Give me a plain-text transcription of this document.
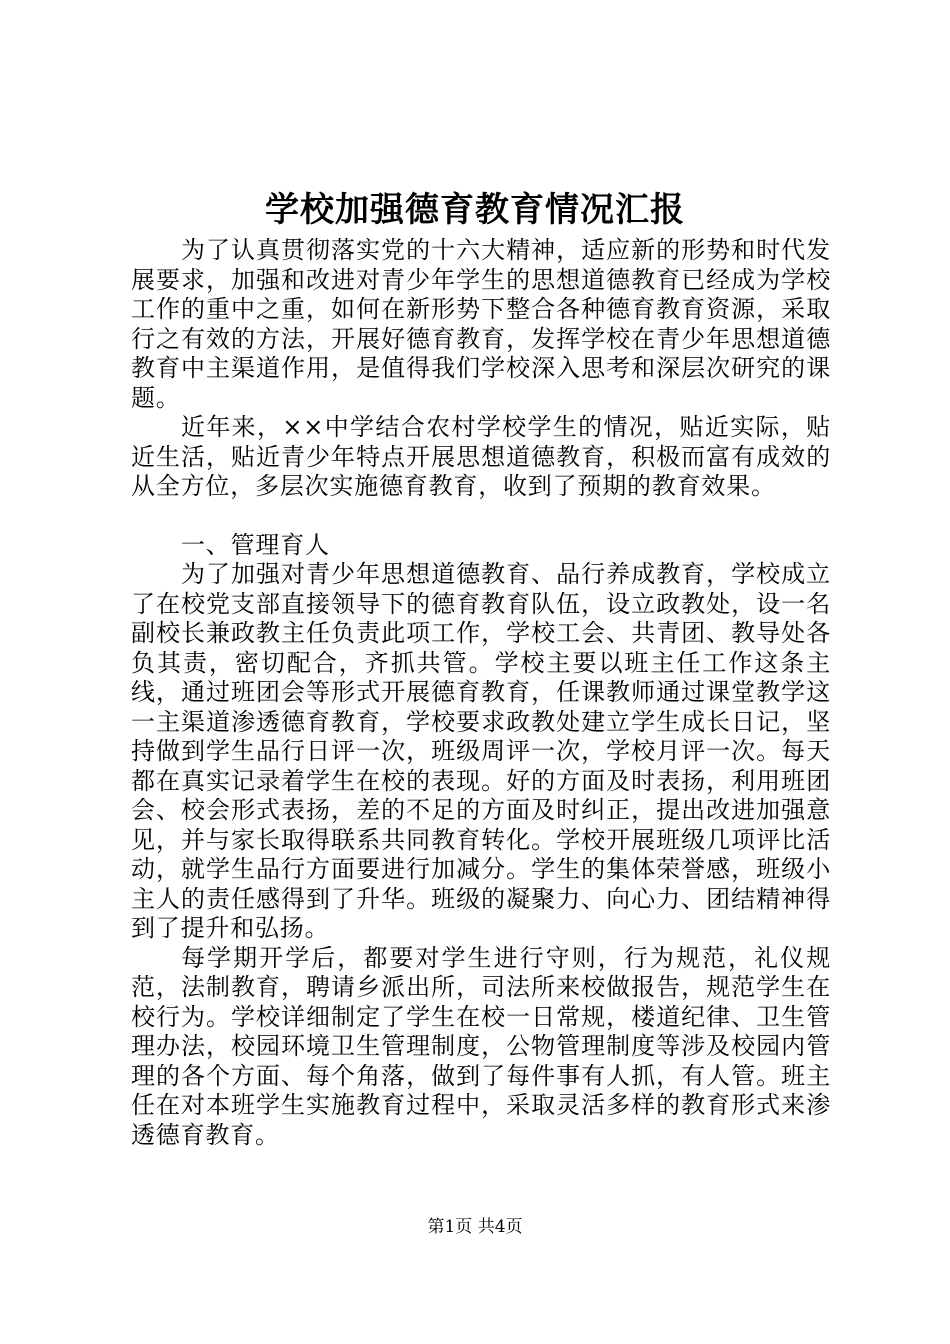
学校加强德育教育情况汇报

为了认真贯彻落实党的十六大精神，适应新的形势和时代发展要求，加强和改进对青少年学生的思想道德教育已经成为学校工作的重中之重，如何在新形势下整合各种德育教育资源，采取行之有效的方法，开展好德育教育，发挥学校在青少年思想道德教育中主渠道作用，是值得我们学校深入思考和深层次研究的课题。

近年来，××中学结合农村学校学生的情况，贴近实际，贴近生活，贴近青少年特点开展思想道德教育，积极而富有成效的从全方位，多层次实施德育教育，收到了预期的教育效果。

一、管理育人

为了加强对青少年思想道德教育、品行养成教育，学校成立了在校党支部直接领导下的德育教育队伍，设立政教处，设一名副校长兼政教主任负责此项工作，学校工会、共青团、教导处各负其责，密切配合，齐抓共管。学校主要以班主任工作这条主线，通过班团会等形式开展德育教育，任课教师通过课堂教学这一主渠道渗透德育教育，学校要求政教处建立学生成长日记，坚持做到学生品行日评一次，班级周评一次，学校月评一次。每天都在真实记录着学生在校的表现。好的方面及时表扬，利用班团会、校会形式表扬，差的不足的方面及时纠正，提出改进加强意见，并与家长取得联系共同教育转化。学校开展班级几项评比活动，就学生品行方面要进行加减分。学生的集体荣誉感，班级小主人的责任感得到了升华。班级的凝聚力、向心力、团结精神得到了提升和弘扬。

每学期开学后，都要对学生进行守则，行为规范，礼仪规范，法制教育，聘请乡派出所，司法所来校做报告，规范学生在校行为。学校详细制定了学生在校一日常规，楼道纪律、卫生管理办法，校园环境卫生管理制度，公物管理制度等涉及校园内管理的各个方面、每个角落，做到了每件事有人抓，有人管。班主任在对本班学生实施教育过程中，采取灵活多样的教育形式来渗透德育教育。

第1页 共4页
